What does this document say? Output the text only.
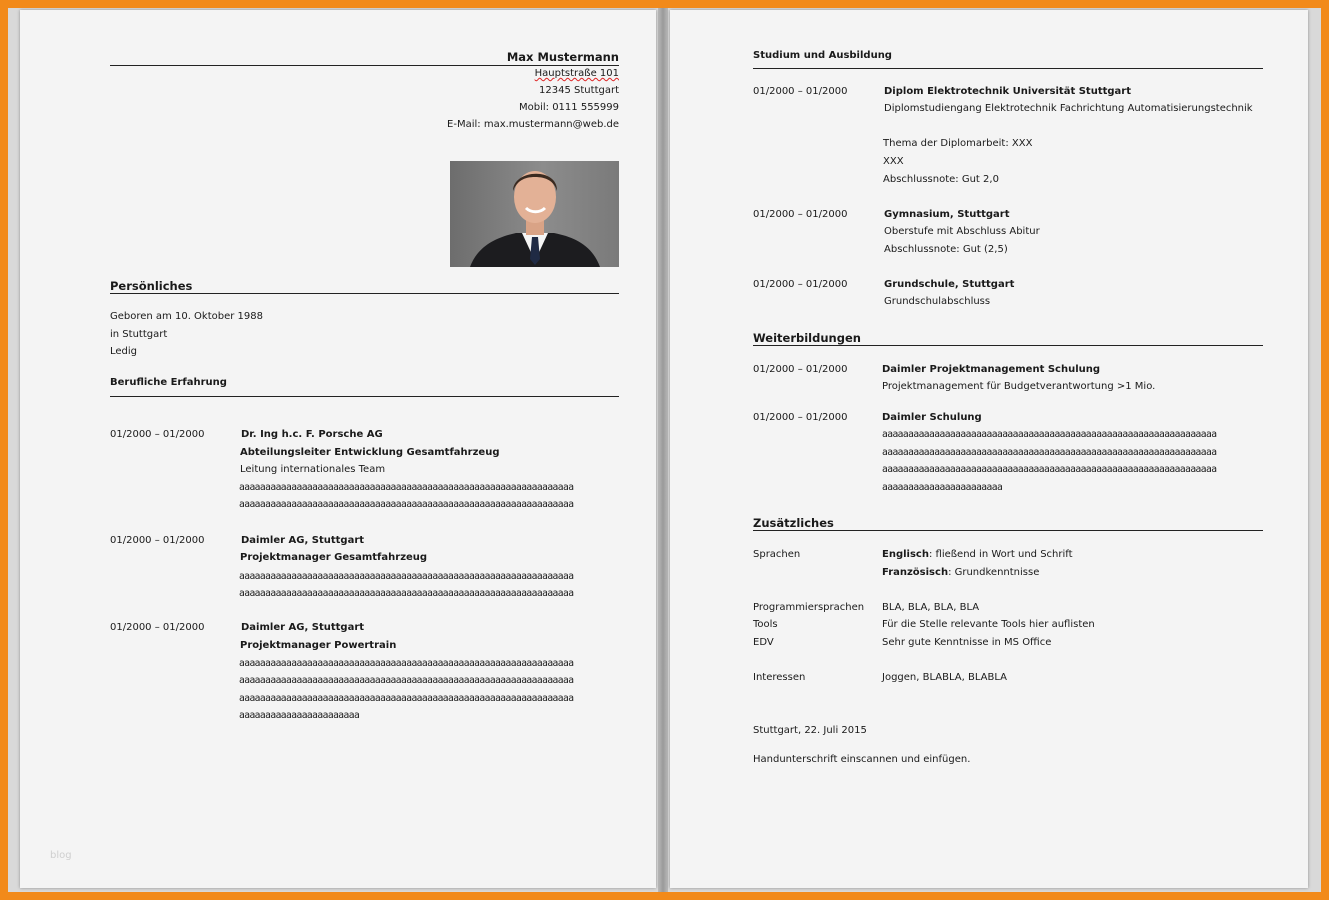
Max Mustermann
Hauptstraße 101
12345 Stuttgart
Mobil: 0111 555999
E-Mail: max.mustermann@web.de
Persönliches
Geboren am 10. Oktober 1988
in Stuttgart
Ledig
Berufliche Erfahrung
01/2000 – 01/2000	Dr. Ing h.c. F. Porsche AG
Abteilungsleiter Entwicklung Gesamtfahrzeug
Leitung internationales Team
aaaaaaaaaaaaaaaaaaaaaaaaaaaaaaaaaaaaaaaaaaaaaaaaaaaaaaaaaaaaaaaa
aaaaaaaaaaaaaaaaaaaaaaaaaaaaaaaaaaaaaaaaaaaaaaaaaaaaaaaaaaaaaaaa
01/2000 – 01/2000	Daimler AG, Stuttgart
Projektmanager Gesamtfahrzeug
aaaaaaaaaaaaaaaaaaaaaaaaaaaaaaaaaaaaaaaaaaaaaaaaaaaaaaaaaaaaaaaa
aaaaaaaaaaaaaaaaaaaaaaaaaaaaaaaaaaaaaaaaaaaaaaaaaaaaaaaaaaaaaaaa
01/2000 – 01/2000	Daimler AG, Stuttgart
Projektmanager Powertrain
aaaaaaaaaaaaaaaaaaaaaaaaaaaaaaaaaaaaaaaaaaaaaaaaaaaaaaaaaaaaaaaa
aaaaaaaaaaaaaaaaaaaaaaaaaaaaaaaaaaaaaaaaaaaaaaaaaaaaaaaaaaaaaaaa
aaaaaaaaaaaaaaaaaaaaaaaaaaaaaaaaaaaaaaaaaaaaaaaaaaaaaaaaaaaaaaaa
aaaaaaaaaaaaaaaaaaaaaaa
blog
Studium und Ausbildung
01/2000 – 01/2000	Diplom Elektrotechnik Universität Stuttgart
Diplomstudiengang Elektrotechnik Fachrichtung Automatisierungstechnik
Thema der Diplomarbeit: XXX
XXX
Abschlussnote: Gut 2,0
01/2000 – 01/2000	Gymnasium, Stuttgart
Oberstufe mit Abschluss Abitur
Abschlussnote: Gut (2,5)
01/2000 – 01/2000	Grundschule, Stuttgart
Grundschulabschluss
Weiterbildungen
01/2000 – 01/2000	Daimler Projektmanagement Schulung
Projektmanagement für Budgetverantwortung >1 Mio.
01/2000 – 01/2000	Daimler Schulung
aaaaaaaaaaaaaaaaaaaaaaaaaaaaaaaaaaaaaaaaaaaaaaaaaaaaaaaaaaaaaaaa
aaaaaaaaaaaaaaaaaaaaaaaaaaaaaaaaaaaaaaaaaaaaaaaaaaaaaaaaaaaaaaaa
aaaaaaaaaaaaaaaaaaaaaaaaaaaaaaaaaaaaaaaaaaaaaaaaaaaaaaaaaaaaaaaa
aaaaaaaaaaaaaaaaaaaaaaa
Zusätzliches
Sprachen	Englisch: fließend in Wort und Schrift
Französisch: Grundkenntnisse
Programmiersprachen BLA, BLA, BLA, BLA
Tools	Für die Stelle relevante Tools hier auflisten
EDV	Sehr gute Kenntnisse in MS Office
Interessen	Joggen, BLABLA, BLABLA
Stuttgart, 22. Juli 2015
Handunterschrift einscannen und einfügen.
